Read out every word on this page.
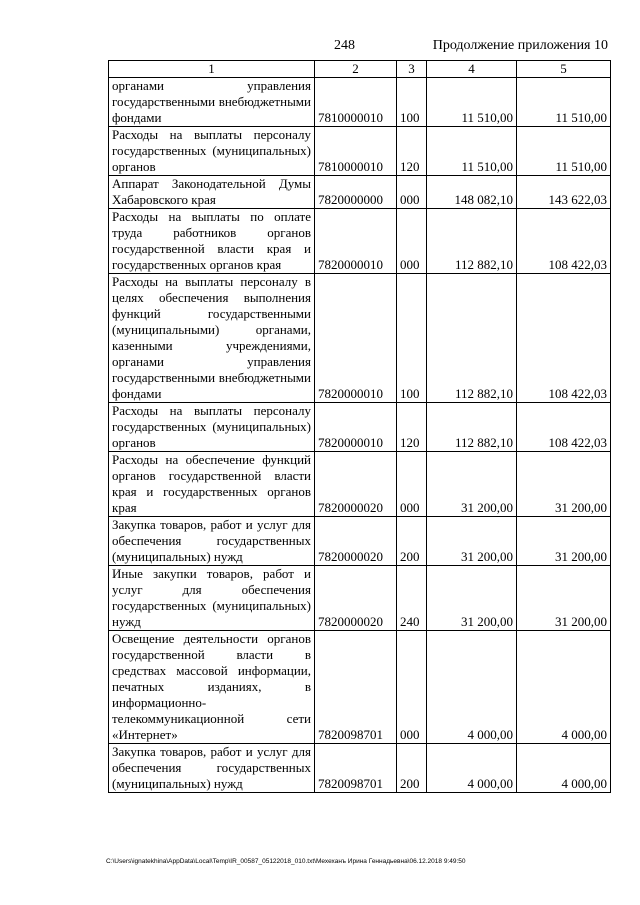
248	Продолжение приложения 10
1	2	3	4	5
органами управления государственными внебюджетными фондами	7810000010	100	11 510,00	11 510,00
Расходы на выплаты персоналу государственных (муниципальных) органов	7810000010	120	11 510,00	11 510,00
Аппарат Законодательной Думы Хабаровского края	7820000000	000	148 082,10	143 622,03
Расходы на выплаты по оплате труда работников органов государственной власти края и государственных органов края	7820000010	000	112 882,10	108 422,03
Расходы на выплаты персоналу в целях обеспечения выполнения функций государственными (муниципальными) органами, казенными учреждениями, органами управления государственными внебюджетными фондами	7820000010	100	112 882,10	108 422,03
Расходы на выплаты персоналу государственных (муниципальных) органов	7820000010	120	112 882,10	108 422,03
Расходы на обеспечение функций органов государственной власти края и государственных органов края	7820000020	000	31 200,00	31 200,00
Закупка товаров, работ и услуг для обеспечения государственных (муниципальных) нужд	7820000020	200	31 200,00	31 200,00
Иные закупки товаров, работ и услуг для обеспечения государственных (муниципальных) нужд	7820000020	240	31 200,00	31 200,00
Освещение деятельности органов государственной власти в средствах массовой информации, печатных изданиях, в информационно-телекоммуникационной сети «Интернет»	7820098701	000	4 000,00	4 000,00
Закупка товаров, работ и услуг для обеспечения государственных (муниципальных) нужд	7820098701	200	4 000,00	4 000,00
C:\Users\ignatekhina\AppData\Local\Temp\IR_00587_05122018_010.txt\Мехеханъ Ирина Геннадьевна\06.12.2018 9:49:50
